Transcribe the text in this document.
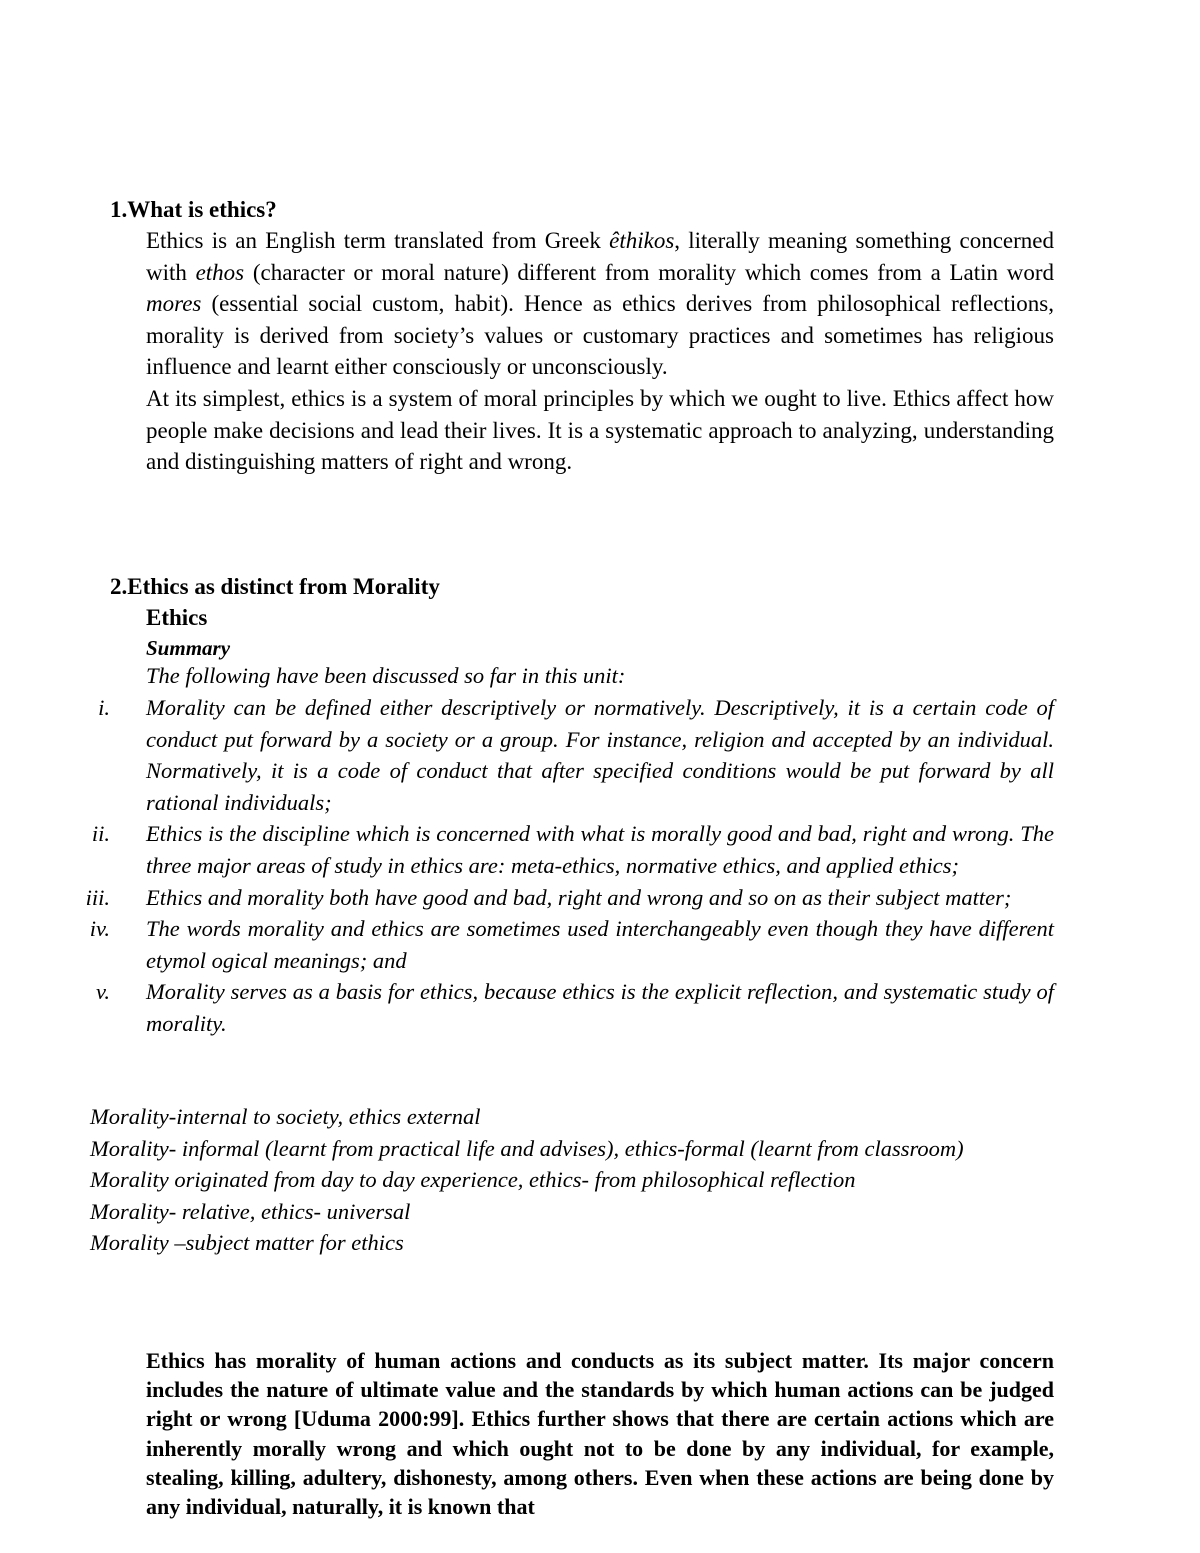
1.What is ethics?

Ethics is an English term translated from Greek êthikos, literally meaning something concerned with ethos (character or moral nature) different from morality which comes from a Latin word mores (essential social custom, habit). Hence as ethics derives from philosophical reflections, morality is derived from society’s values or customary practices and sometimes has religious influence and learnt either consciously or unconsciously.

At its simplest, ethics is a system of moral principles by which we ought to live. Ethics affect how people make decisions and lead their lives. It is a systematic approach to analyzing, understanding and distinguishing matters of right and wrong.

2.Ethics as distinct from Morality
Ethics
Summary
The following have been discussed so far in this unit:
i.	Morality can be defined either descriptively or normatively. Descriptively, it is a certain code of conduct put forward by a society or a group. For instance, religion and accepted by an individual. Normatively, it is a code of conduct that after specified conditions would be put forward by all rational individuals;
ii.	Ethics is the discipline which is concerned with what is morally good and bad, right and wrong. The three major areas of study in ethics are: meta-ethics, normative ethics, and applied ethics;
iii.	Ethics and morality both have good and bad, right and wrong and so on as their subject matter;
iv.	The words morality and ethics are sometimes used interchangeably even though they have different etymol ogical meanings; and
v.	Morality serves as a basis for ethics, because ethics is the explicit reflection, and systematic study of morality.
Morality-internal to society, ethics external
Morality- informal (learnt from practical life and advises), ethics-formal (learnt from classroom)
Morality originated from day to day experience, ethics- from philosophical reflection
Morality- relative, ethics- universal
Morality –subject matter for ethics

Ethics has morality of human actions and conducts as its subject matter. Its major concern includes the nature of ultimate value and the standards by which human actions can be judged right or wrong [Uduma 2000:99]. Ethics further shows that there are certain actions which are inherently morally wrong and which ought not to be done by any individual, for example, stealing, killing, adultery, dishonesty, among others. Even when these actions are being done by any individual, naturally, it is known that
